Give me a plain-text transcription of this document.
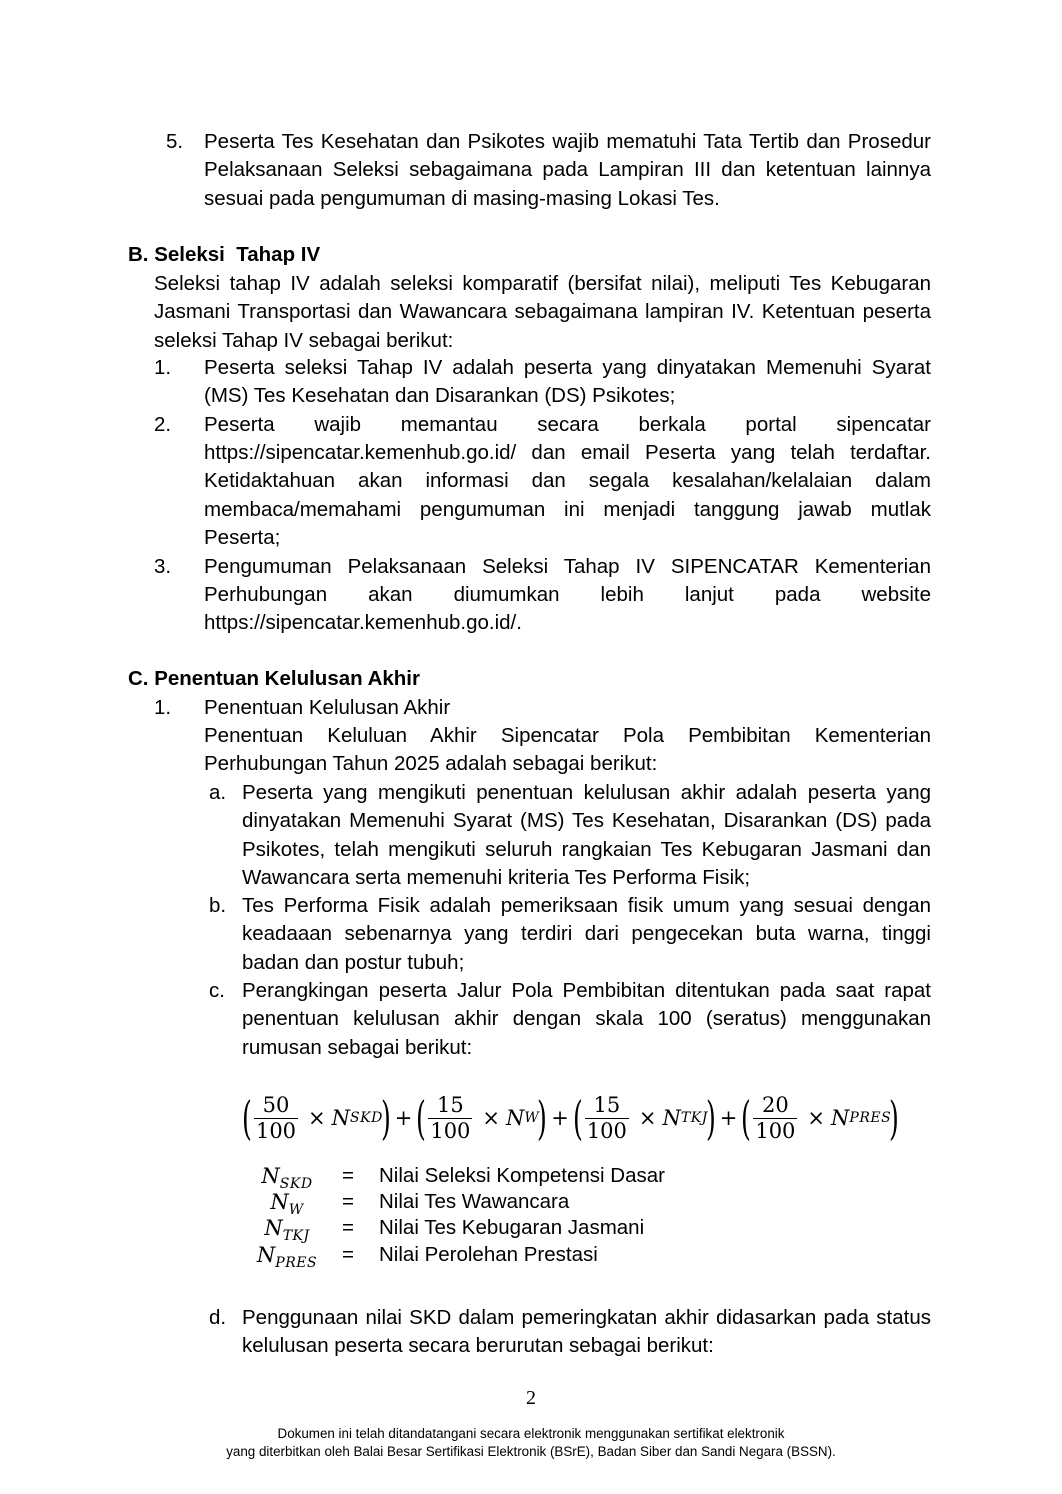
5. Peserta Tes Kesehatan dan Psikotes wajib mematuhi Tata Tertib dan Prosedur Pelaksanaan Seleksi sebagaimana pada Lampiran III dan ketentuan lainnya sesuai pada pengumuman di masing-masing Lokasi Tes.
B. Seleksi  Tahap IV
Seleksi tahap IV adalah seleksi komparatif (bersifat nilai), meliputi Tes Kebugaran Jasmani Transportasi dan Wawancara sebagaimana lampiran IV. Ketentuan peserta seleksi Tahap IV sebagai berikut:
1. Peserta seleksi Tahap IV adalah peserta yang dinyatakan Memenuhi Syarat (MS) Tes Kesehatan dan Disarankan (DS) Psikotes;
2. Peserta wajib memantau secara berkala portal sipencatar
https://sipencatar.kemenhub.go.id/ dan email Peserta yang telah terdaftar. Ketidaktahuan akan informasi dan segala kesalahan/kelalaian dalam membaca/memahami pengumuman ini menjadi tanggung jawab mutlak Peserta;
3. Pengumuman Pelaksanaan Seleksi Tahap IV SIPENCATAR Kementerian
Perhubungan akan diumumkan lebih lanjut pada website
https://sipencatar.kemenhub.go.id/.
C. Penentuan Kelulusan Akhir
1. Penentuan Kelulusan Akhir
Penentuan Keluluan Akhir Sipencatar Pola Pembibitan Kementerian Perhubungan Tahun 2025 adalah sebagai berikut:
a. Peserta yang mengikuti penentuan kelulusan akhir adalah peserta yang dinyatakan Memenuhi Syarat (MS) Tes Kesehatan, Disarankan (DS) pada Psikotes, telah mengikuti seluruh rangkaian Tes Kebugaran Jasmani dan Wawancara serta memenuhi kriteria Tes Performa Fisik;
b. Tes Performa Fisik adalah pemeriksaan fisik umum yang sesuai dengan keadaaan sebenarnya yang terdiri dari pengecekan buta warna, tinggi badan dan postur tubuh;
c. Perangkingan peserta Jalur Pola Pembibitan ditentukan pada saat rapat penentuan kelulusan akhir dengan skala 100 (seratus) menggunakan rumusan sebagai berikut:
( $\frac{50}{100} \times N$ SKD
) + ( $\frac{15}{100} \times N$ W
) + ( $\frac{15}{100} \times N$ TKJ
) + ( $\frac{20}{100} \times N$ PRES
)
$N_{SKD}$ = Nilai Seleksi Kompetensi Dasar
$N_W$	= Nilai Tes Wawancara
$N_{TKJ}$	= Nilai Tes Kebugaran Jasmani
$N_{PRES}$ = Nilai Perolehan Prestasi
d. Penggunaan nilai SKD dalam pemeringkatan akhir didasarkan pada status kelulusan peserta secara berurutan sebagai berikut:
2
Dokumen ini telah ditandatangani secara elektronik menggunakan sertifikat elektronik
yang diterbitkan oleh Balai Besar Sertifikasi Elektronik (BSrE), Badan Siber dan Sandi Negara (BSSN).
